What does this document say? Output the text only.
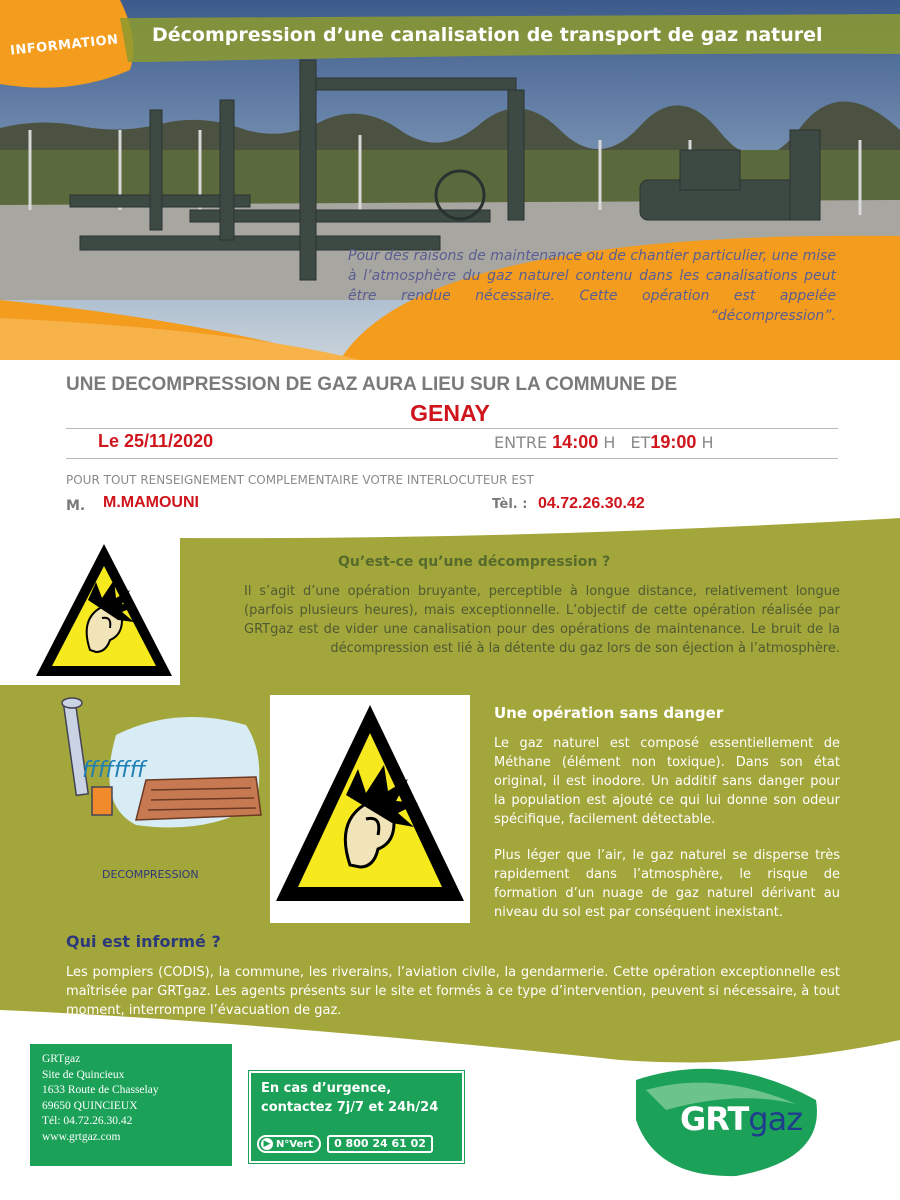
INFORMATION Décompression d’une canalisation de transport de gaz naturel
Pour des raisons de maintenance ou de chantier particulier, une mise à l’atmosphère du gaz naturel contenu dans les canalisations peut être rendue nécessaire. Cette opération est appelée “décompression”.
UNE DECOMPRESSION DE GAZ AURA LIEU SUR LA COMMUNE DE
GENAY
Le 25/11/2020	ENTRE 14:00 H ET19:00 H
POUR TOUT RENSEIGNEMENT COMPLEMENTAIRE VOTRE INTERLOCUTEUR EST
M. M.MAMOUNI	Tèl. : 04.72.26.30.42
Qu’est-ce qu’une décompression ?
Il s’agit d’une opération bruyante, perceptible à longue distance, relativement longue (parfois plusieurs heures), mais exceptionnelle. L’objectif de cette opération réalisée par GRTgaz est de vider une canalisation pour des opérations de maintenance. Le bruit de la décompression est lié à la détente du gaz lors de son éjection à l’atmosphère.
ffffffff
DECOMPRESSION
Une opération sans danger
Le gaz naturel est composé essentiellement de Méthane (élément non toxique). Dans son état original, il est inodore. Un additif sans danger pour la population est ajouté ce qui lui donne son odeur spécifique, facilement détectable.
Plus léger que l’air, le gaz naturel se disperse très rapidement dans l’atmosphère, le risque de formation d’un nuage de gaz naturel dérivant au niveau du sol est par conséquent inexistant.
Qui est informé ?
Les pompiers (CODIS), la commune, les riverains, l’aviation civile, la gendarmerie. Cette opération exceptionnelle est maîtrisée par GRTgaz. Les agents présents sur le site et formés à ce type d’intervention, peuvent si nécessaire, à tout moment, interrompre l’évacuation de gaz.
GRTgaz
Site de Quincieux
1633 Route de Chasselay
69650 QUINCIEUX
Tél: 04.72.26.30.42
www.grtgaz.com
En cas d’urgence,
contactez 7j/7 et 24h/24
▶ N°Vert	0 800 24 61 02
GRTgaz
